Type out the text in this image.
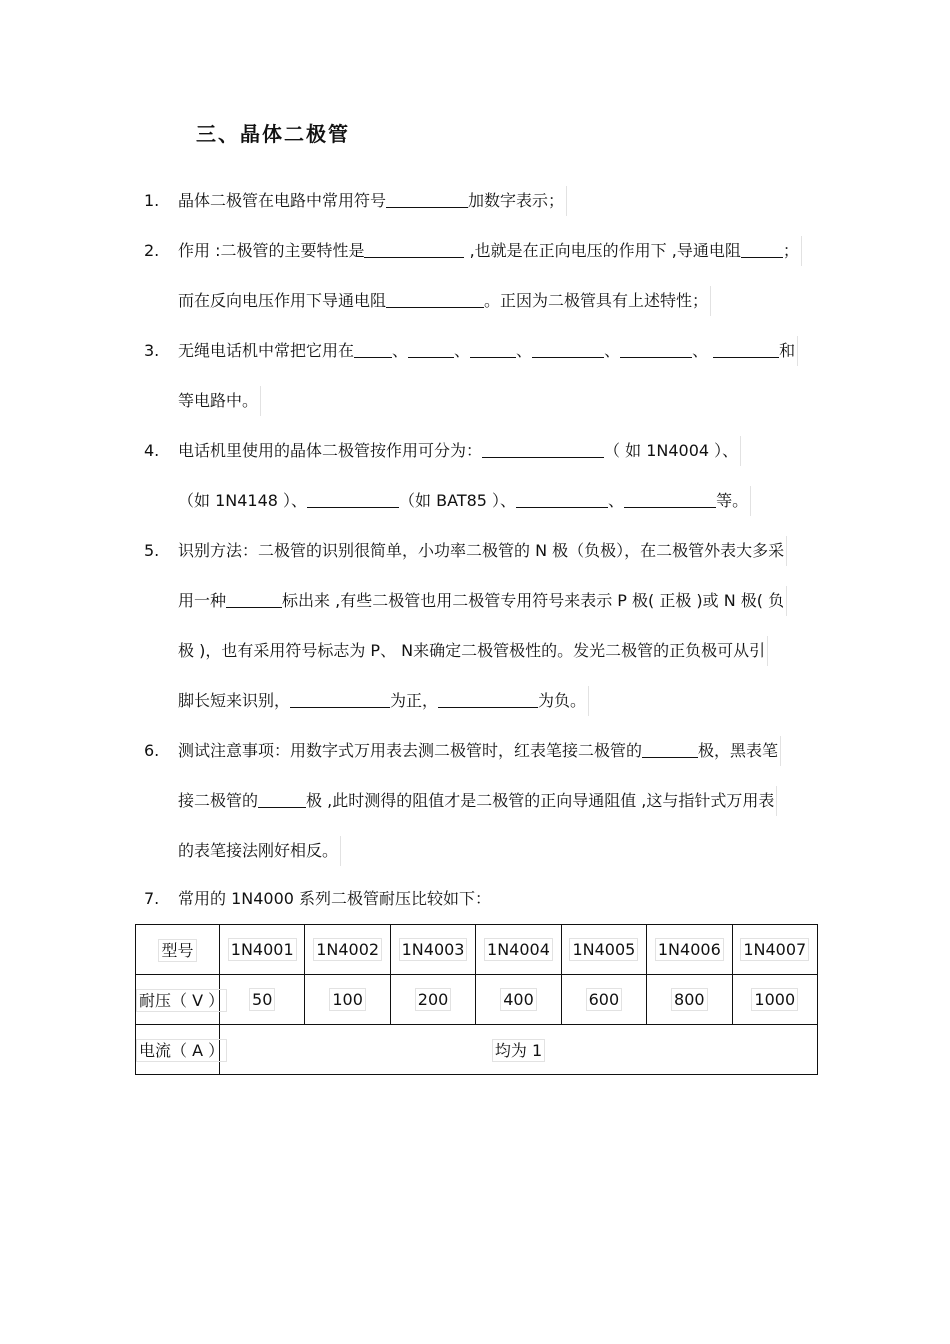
三、晶体二极管
1. 晶体二极管在电路中常用符号	加数字表示；
2. 作用 :二极管的主要特性是	,也就是在正向电压的作用下 ,导通电阻	；
而在反向电压作用下导通电阻	。正因为二极管具有上述特性；
3. 无绳电话机中常把它用在 、	、	、	、	、	和
等电路中。
4. 电话机里使用的晶体二极管按作用可分为：	（ 如 1N4004 ）、
（如 1N4148 ）、	（如 BAT85 ）、	、	等。
5. 识别方法：二极管的识别很简单，小功率二极管的 N 极（负极），在二极管外表大多采
用一种	标出来 ,有些二极管也用二极管专用符号来表示 P 极( 正极 )或 N 极( 负
极 )，也有采用符号标志为 P、 N来确定二极管极性的。发光二极管的正负极可从引
脚长短来识别，	为正，	为负。
6. 测试注意事项：用数字式万用表去测二极管时，红表笔接二极管的	极，黑表笔
接二极管的	极 ,此时测得的阻值才是二极管的正向导通阻值 ,这与指针式万用表
的表笔接法刚好相反。
7. 常用的 1N4000 系列二极管耐压比较如下：
型号	1N4001	1N4002	1N4003	1N4004	1N4005	1N4006	1N4007
耐压（ V ）	50	100	200	400	600	800	1000
电流（ A ）	均为 1						
